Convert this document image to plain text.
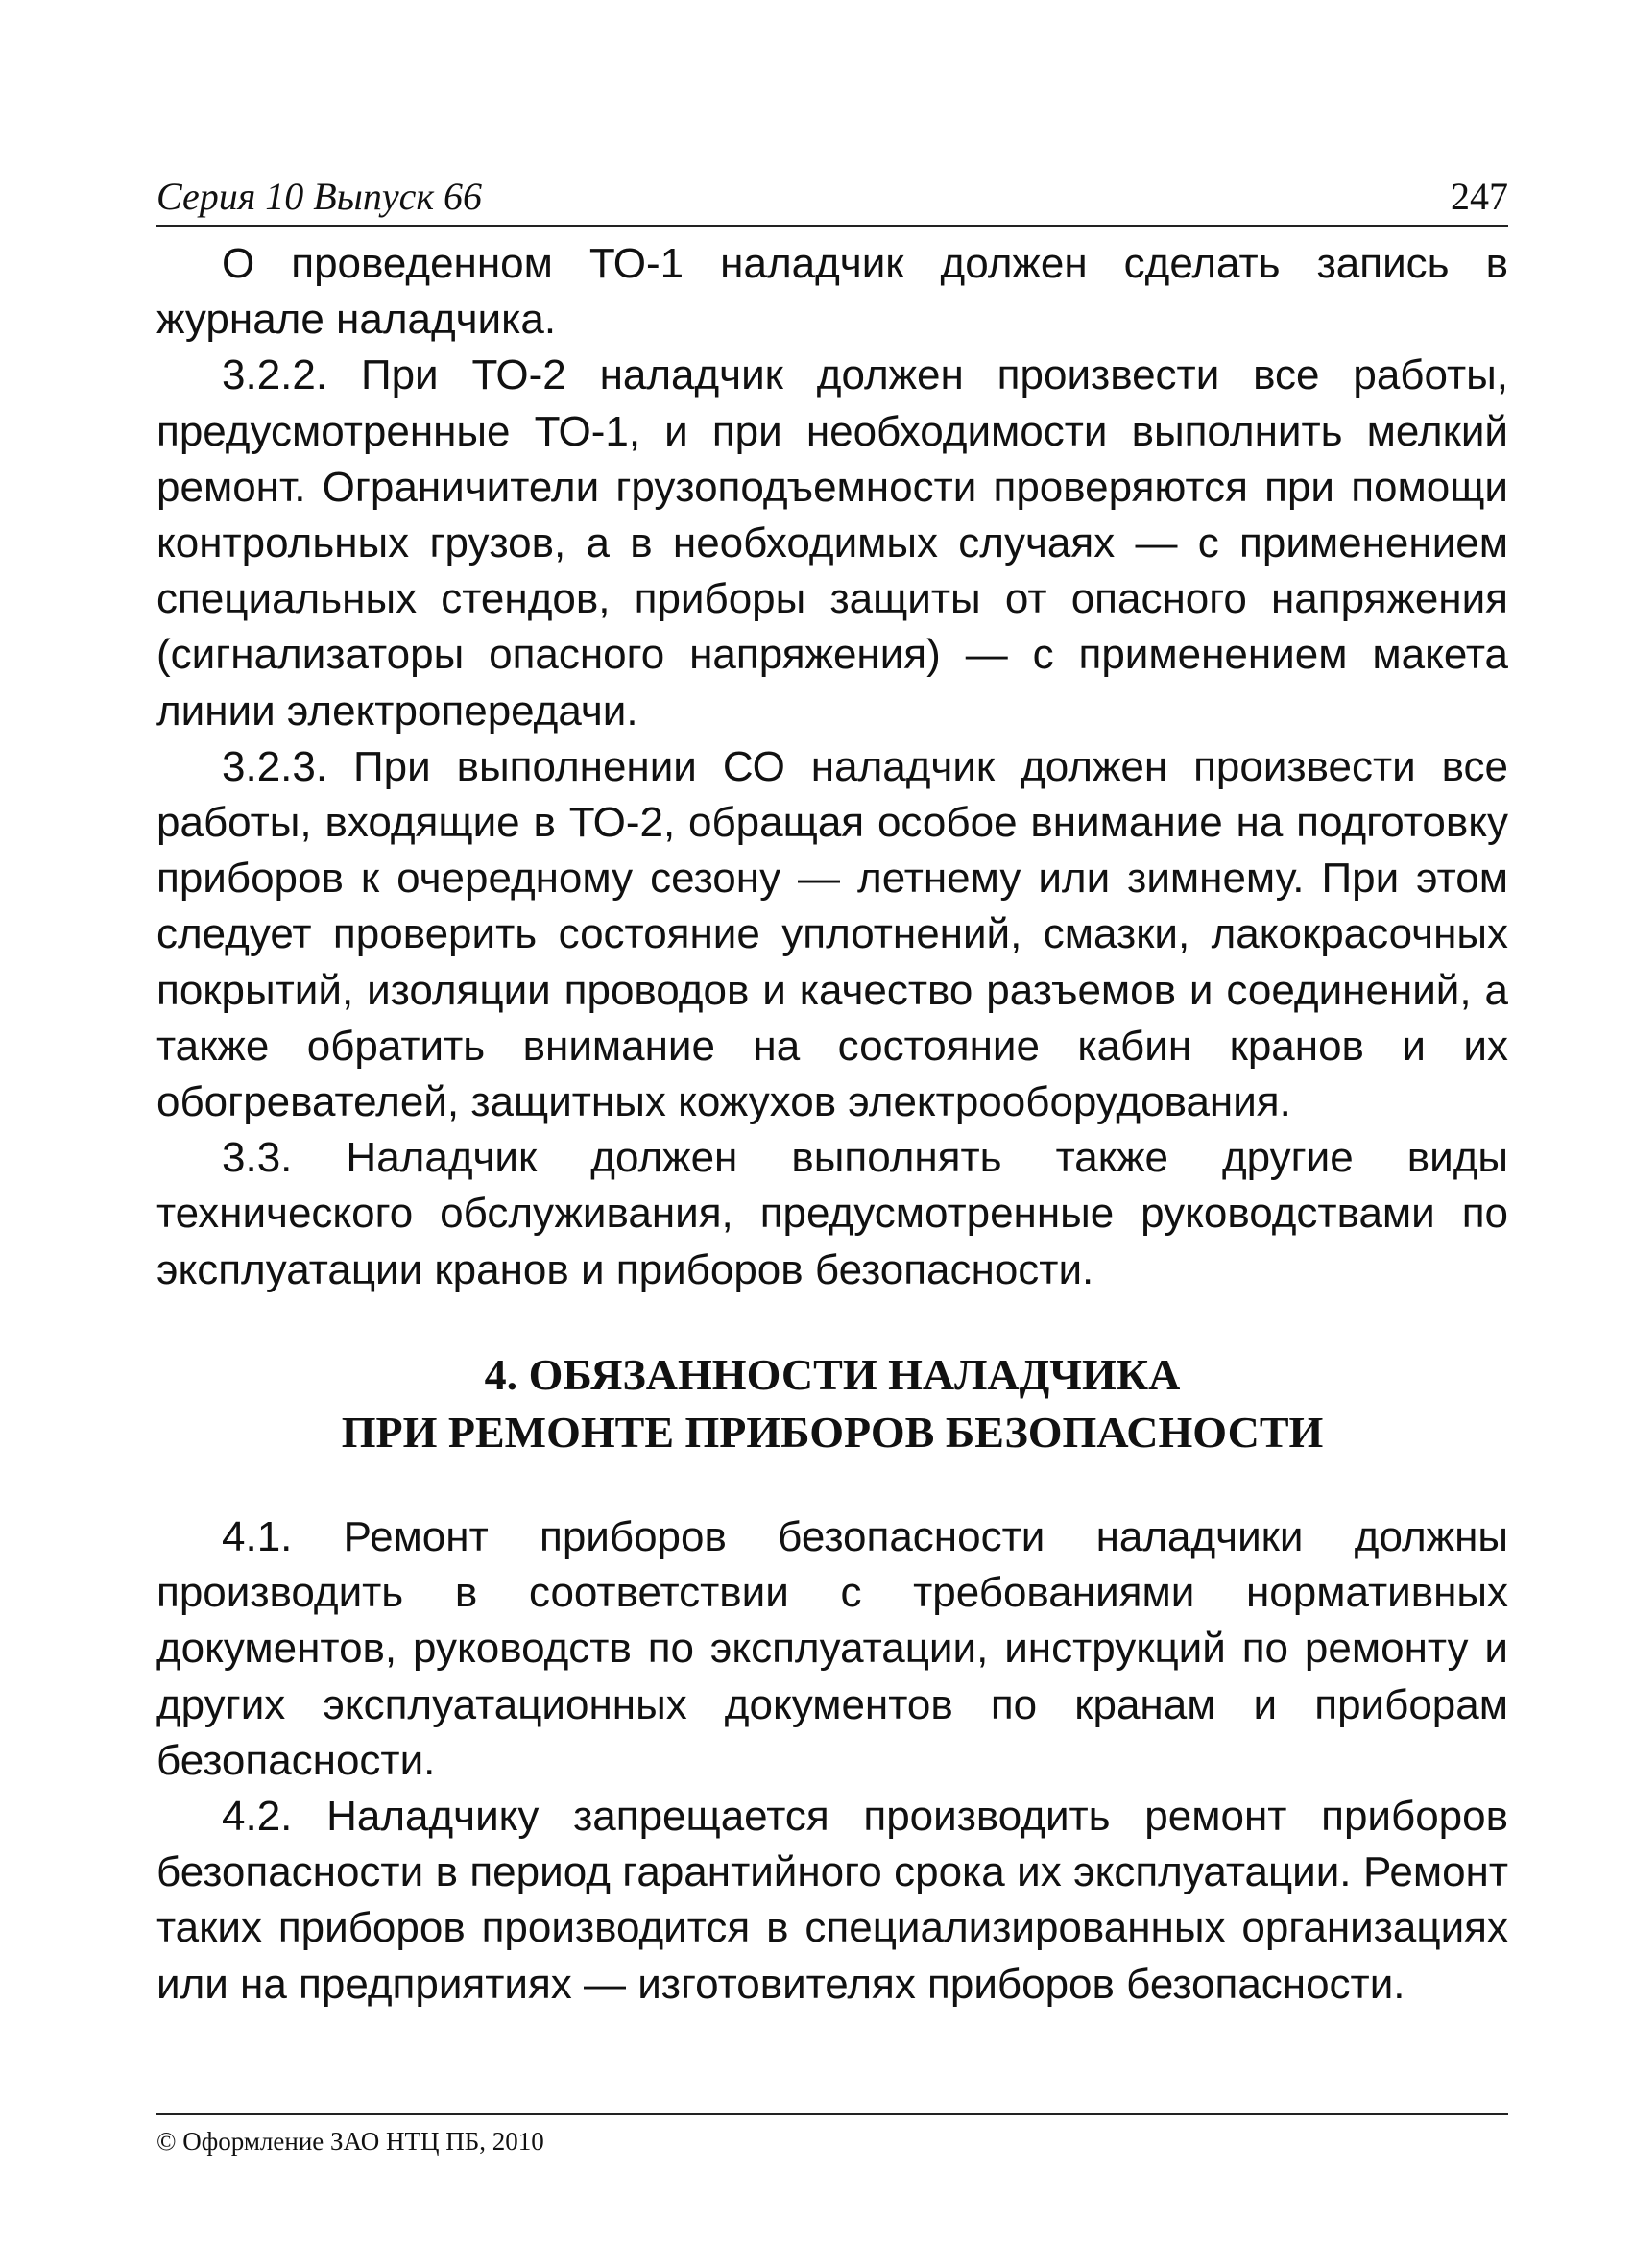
Серия 10 Выпуск 66	247

О проведенном ТО-1 наладчик должен сделать запись в журнале наладчика.

3.2.2. При ТО-2 наладчик должен произвести все работы, предусмотренные ТО-1, и при необходимости выполнить мелкий ремонт. Ограничители грузоподъемности проверяются при помощи контрольных грузов, а в необходимых случаях — с применением специальных стендов, приборы защиты от опасного напряжения (сигнализаторы опасного напряжения) — с применением макета линии электропередачи.

3.2.3. При выполнении СО наладчик должен произвести все работы, входящие в ТО-2, обращая особое внимание на подготовку приборов к очередному сезону — летнему или зимнему. При этом следует проверить состояние уплотнений, смазки, лакокрасочных покрытий, изоляции проводов и качество разъемов и соединений, а также обратить внимание на состояние кабин кранов и их обогревателей, защитных кожухов электрооборудования.

3.3. Наладчик должен выполнять также другие виды технического обслуживания, предусмотренные руководствами по эксплуатации кранов и приборов безопасности.

4. ОБЯЗАННОСТИ НАЛАДЧИКА
ПРИ РЕМОНТЕ ПРИБОРОВ БЕЗОПАСНОСТИ

4.1. Ремонт приборов безопасности наладчики должны производить в соответствии с требованиями нормативных документов, руководств по эксплуатации, инструкций по ремонту и других эксплуатационных документов по кранам и приборам безопасности.

4.2. Наладчику запрещается производить ремонт приборов безопасности в период гарантийного срока их эксплуатации. Ремонт таких приборов производится в специализированных организациях или на предприятиях — изготовителях приборов безопасности.

© Оформление ЗАО НТЦ ПБ, 2010
